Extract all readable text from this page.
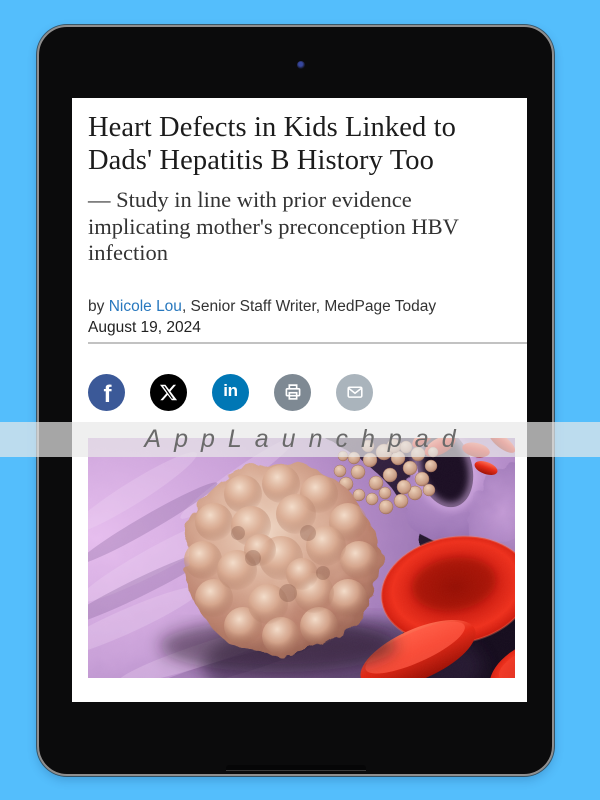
Heart Defects in Kids Linked to Dads' Hepatitis B History Too

— Study in line with prior evidence implicating mother's preconception HBV infection

by Nicole Lou, Senior Staff Writer, MedPage Today

August 19, 2024

f	in
AppLaunchpad
